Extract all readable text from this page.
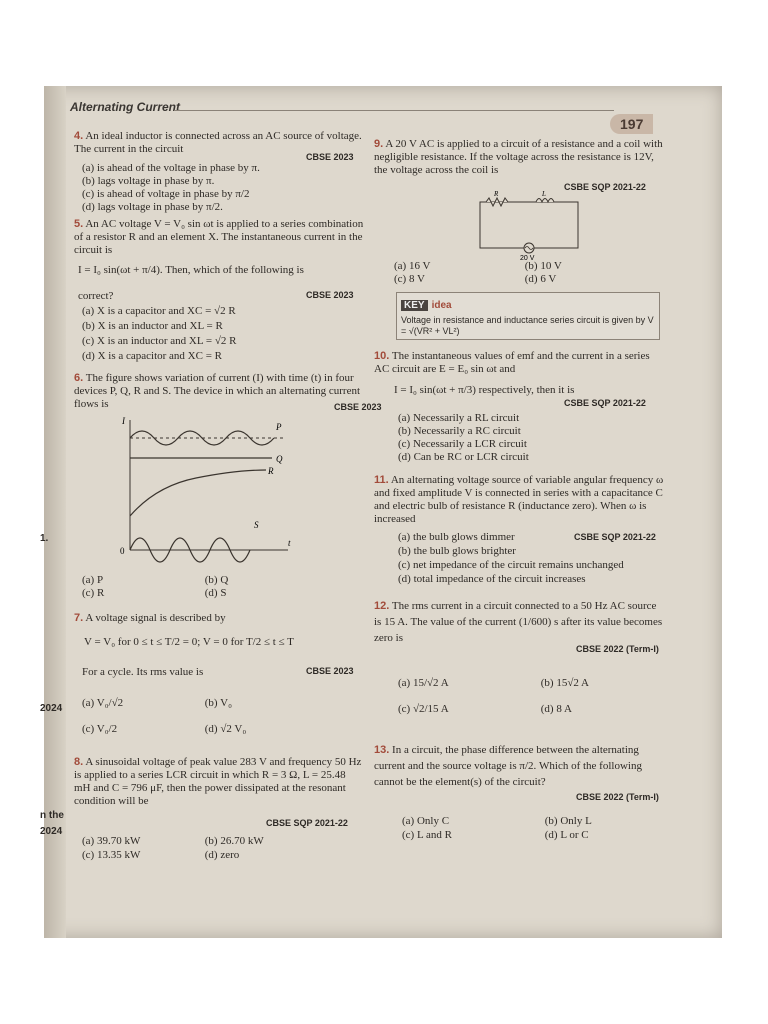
Alternating Current
197
4. An ideal inductor is connected across an AC source of voltage. The current in the circuit
CBSE 2023
(a) is ahead of the voltage in phase by π.
(b) lags voltage in phase by π.
(c) is ahead of voltage in phase by π/2
(d) lags voltage in phase by π/2.
5. An AC voltage V = V₀ sin ωt is applied to a series combination of a resistor R and an element X. The instantaneous current in the circuit is
I = I₀ sin(ωt + π/4). Then, which of the following is
correct?	CBSE 2023
(a) X is a capacitor and XC = √2 R
(b) X is an inductor and XL = R
(c) X is an inductor and XL = √2 R
(d) X is a capacitor and XC = R
6. The figure shows variation of current (I) with time (t) in four devices P, Q, R and S. The device in which an alternating current flows is	CBSE 2023
I
t
0
P
Q
R
S
(a) P	(b) Q
(c) R	(d) S
7. A voltage signal is described by
V = V₀ for 0 ≤ t ≤ T/2 = 0; V = 0 for T/2 ≤ t ≤ T
For a cycle. Its rms value is	CBSE 2023
(a) V₀/√2	(b) V₀
(c) V₀/2	(d) √2 V₀
8. A sinusoidal voltage of peak value 283 V and frequency 50 Hz is applied to a series LCR circuit in which R = 3 Ω, L = 25.48 mH and C = 796 μF, then the power dissipated at the resonant condition will be
CBSE SQP 2021-22
(a) 39.70 kW	(b) 26.70 kW
(c) 13.35 kW	(d) zero
9. A 20 V AC is applied to a circuit of a resistance and a coil with negligible resistance. If the voltage across the resistance is 12V, the voltage across the coil is
CSBE SQP 2021-22
R	L
20 V
(a) 16 V	(b) 10 V
(c) 8 V	(d) 6 V
KEY idea
Voltage in resistance and inductance series circuit is given by V = √(VR² + VL²)
10. The instantaneous values of emf and the current in a series AC circuit are E = E₀ sin ωt and
I = I₀ sin(ωt + π/3) respectively, then it is
CSBE SQP 2021-22
(a) Necessarily a RL circuit
(b) Necessarily a RC circuit
(c) Necessarily a LCR circuit
(d) Can be RC or LCR circuit
11. An alternating voltage source of variable angular frequency ω and fixed amplitude V is connected in series with a capacitance C and electric bulb of resistance R (inductance zero). When ω is increased
CSBE SQP 2021-22
(a) the bulb glows dimmer
(b) the bulb glows brighter
(c) net impedance of the circuit remains unchanged
(d) total impedance of the circuit increases
12. The rms current in a circuit connected to a 50 Hz AC source is 15 A. The value of the current (1/600) s after its value becomes zero is
CBSE 2022 (Term-I)
(a) 15/√2 A	(b) 15√2 A
(c) √2/15 A	(d) 8 A
13. In a circuit, the phase difference between the alternating current and the source voltage is π/2. Which of the following cannot be the element(s) of the circuit?
CBSE 2022 (Term-I)
(a) Only C	(b) Only L
(c) L and R	(d) L or C
1.
2024
n the
2024
